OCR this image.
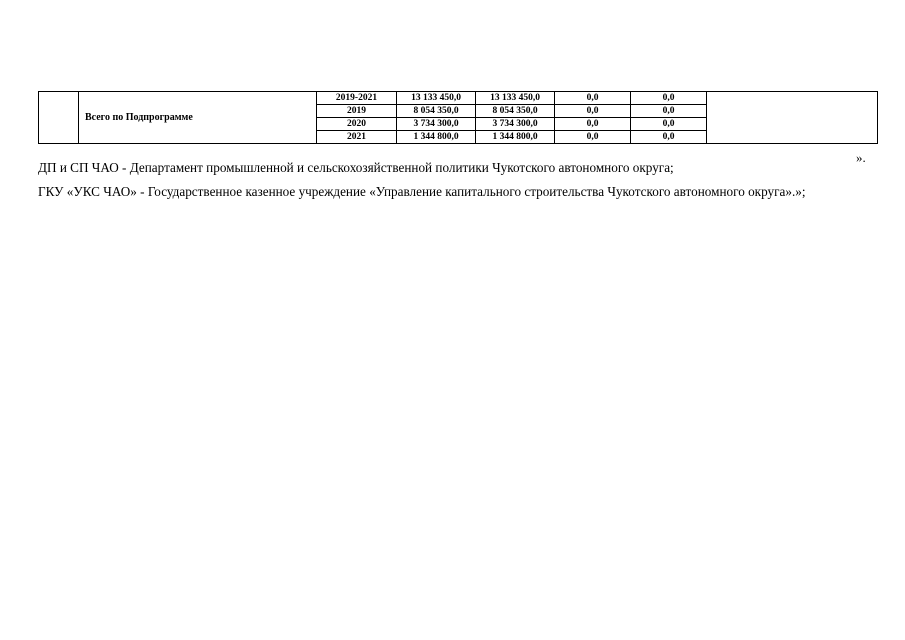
	Всего по Подпрограмме	2019-2021	13 133 450,0	13 133 450,0	0,0	0,0	
		2019	8 054 350,0	8 054 350,0	0,0	0,0	
		2020	3 734 300,0	3 734 300,0	0,0	0,0	
		2021	1 344 800,0	1 344 800,0	0,0	0,0	
».
ДП и СП ЧАО - Департамент промышленной и сельскохозяйственной политики Чукотского автономного округа;
ГКУ «УКС ЧАО» - Государственное казенное учреждение «Управление капитального строительства Чукотского автономного округа».»;
